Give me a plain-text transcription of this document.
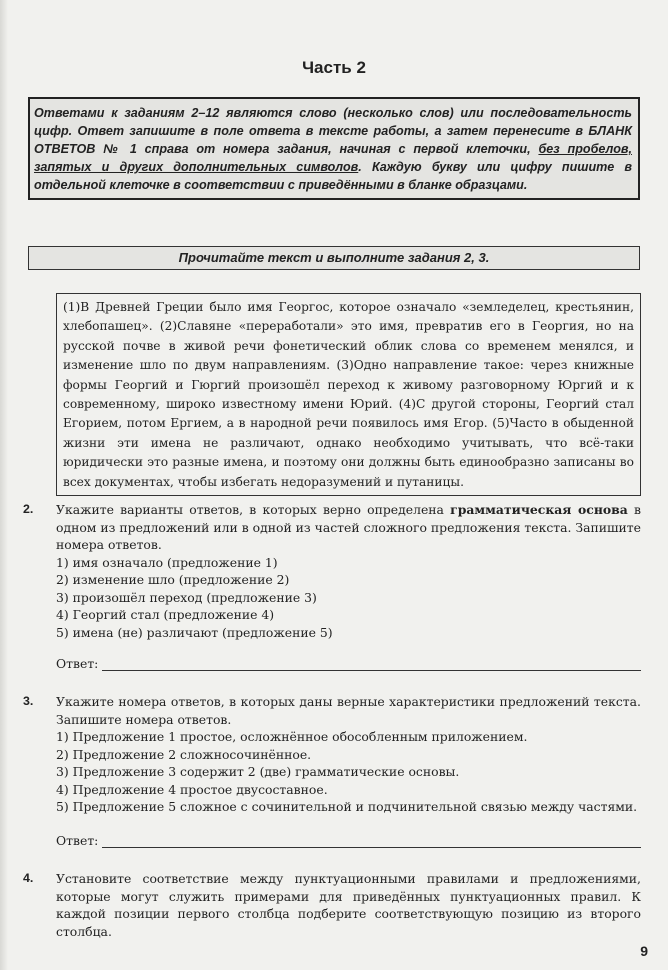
Часть 2
Ответами к заданиям 2–12 являются слово (несколько слов) или последовательность цифр. Ответ запишите в поле ответа в тексте работы, а затем перенесите в БЛАНК ОТВЕТОВ № 1 справа от номера задания, начиная с первой клеточки, без пробелов, запятых и других дополнительных символов. Каждую букву или цифру пишите в отдельной клеточке в соответствии с приведёнными в бланке образцами.
Прочитайте текст и выполните задания 2, 3.
(1)В Древней Греции было имя Георгос, которое означало «земледелец, крестьянин, хлебопашец». (2)Славяне «переработали» это имя, превратив его в Георгия, но на русской почве в живой речи фонетический облик слова со временем менялся, и изменение шло по двум направлениям. (3)Одно направление такое: через книжные формы Георгий и Гюргий произошёл переход к живому разговорному Юргий и к современному, широко известному имени Юрий. (4)С другой стороны, Георгий стал Егорием, потом Ергием, а в народной речи появилось имя Егор. (5)Часто в обыденной жизни эти имена не различают, однако необходимо учитывать, что всё-таки юридически это разные имена, и поэтому они должны быть единообразно записаны во всех документах, чтобы избегать недоразумений и путаницы.
2. Укажите варианты ответов, в которых верно определена грамматическая основа в одном из предложений или в одной из частей сложного предложения текста. Запишите номера ответов.
1) имя означало (предложение 1)
2) изменение шло (предложение 2)
3) произошёл переход (предложение 3)
4) Георгий стал (предложение 4)
5) имена (не) различают (предложение 5)
Ответ:
3. Укажите номера ответов, в которых даны верные характеристики предложений текста. Запишите номера ответов.
1) Предложение 1 простое, осложнённое обособленным приложением.
2) Предложение 2 сложносочинённое.
3) Предложение 3 содержит 2 (две) грамматические основы.
4) Предложение 4 простое двусоставное.
5) Предложение 5 сложное с сочинительной и подчинительной связью между частями.
Ответ:
4. Установите соответствие между пунктуационными правилами и предложениями, которые могут служить примерами для приведённых пунктуационных правил. К каждой позиции первого столбца подберите соответствующую позицию из второго столбца.
9
